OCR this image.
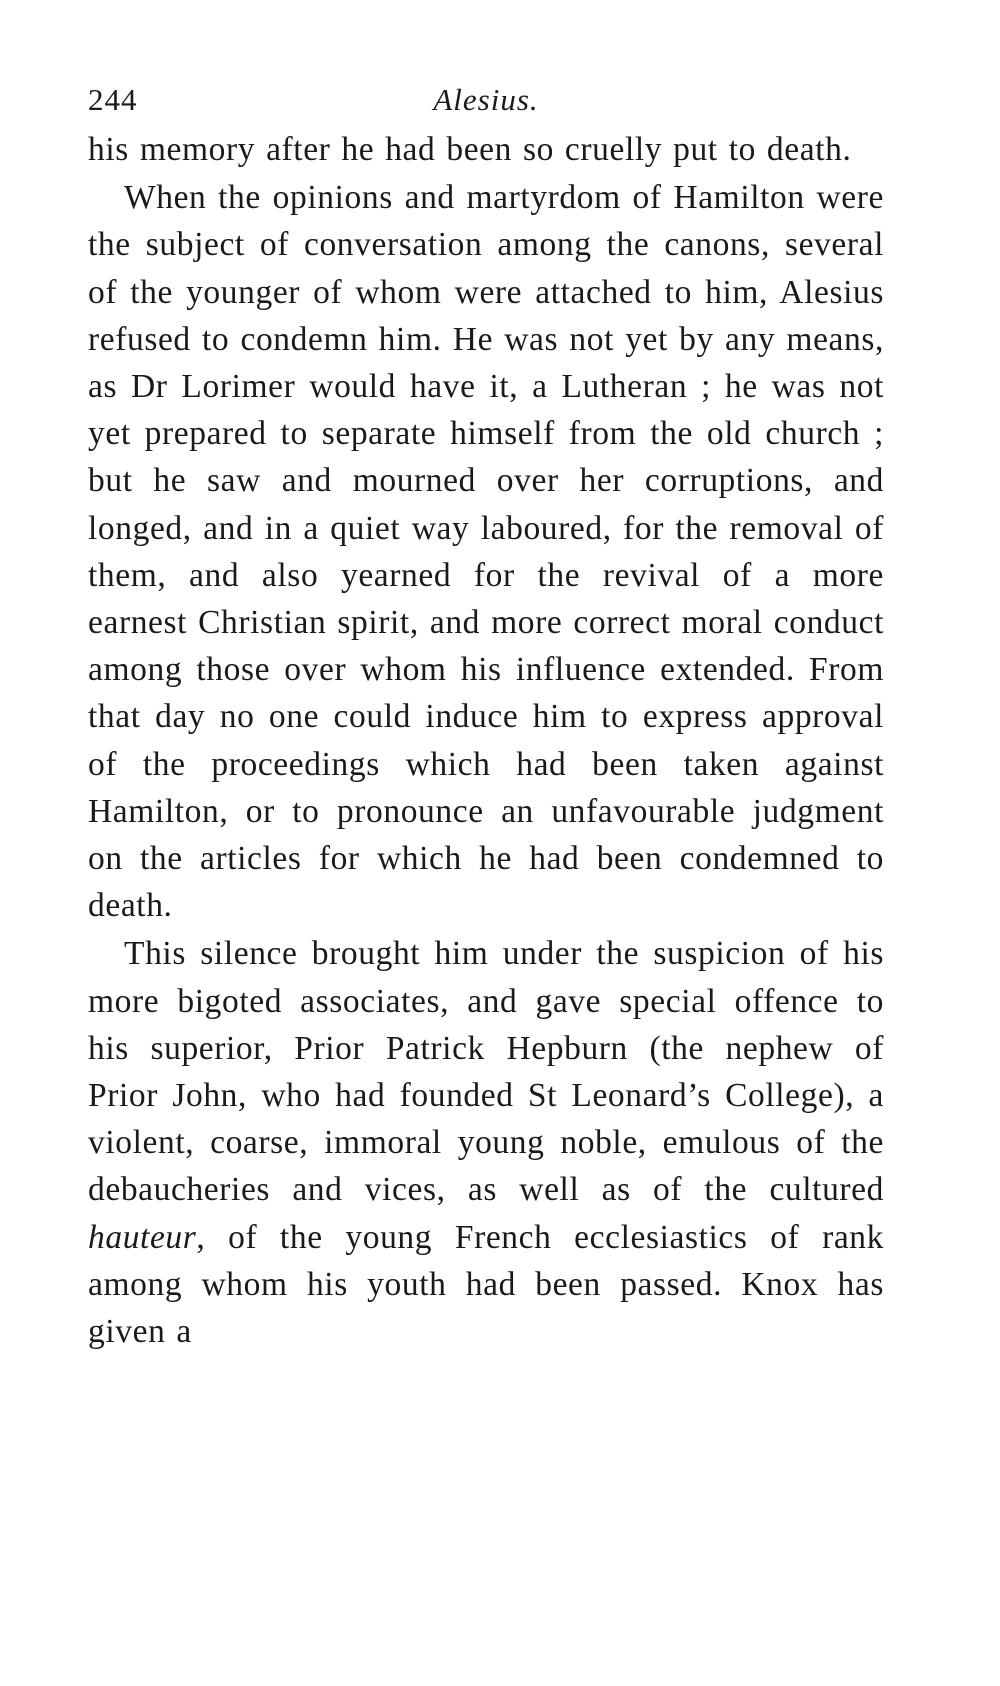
244	Alesius.

his memory after he had been so cruelly put to death.

When the opinions and martyrdom of Hamilton were the subject of conversation among the canons, several of the younger of whom were attached to him, Alesius refused to condemn him. He was not yet by any means, as Dr Lorimer would have it, a Lutheran ; he was not yet prepared to separate himself from the old church ; but he saw and mourned over her corruptions, and longed, and in a quiet way laboured, for the removal of them, and also yearned for the revival of a more earnest Christian spirit, and more correct moral conduct among those over whom his influence extended. From that day no one could induce him to express approval of the proceedings which had been taken against Hamilton, or to pronounce an unfavourable judgment on the articles for which he had been condemned to death.

This silence brought him under the suspicion of his more bigoted associates, and gave special offence to his superior, Prior Patrick Hepburn (the nephew of Prior John, who had founded St Leonard’s College), a violent, coarse, immoral young noble, emulous of the debaucheries and vices, as well as of the cultured hauteur, of the young French ecclesiastics of rank among whom his youth had been passed. Knox has given a
